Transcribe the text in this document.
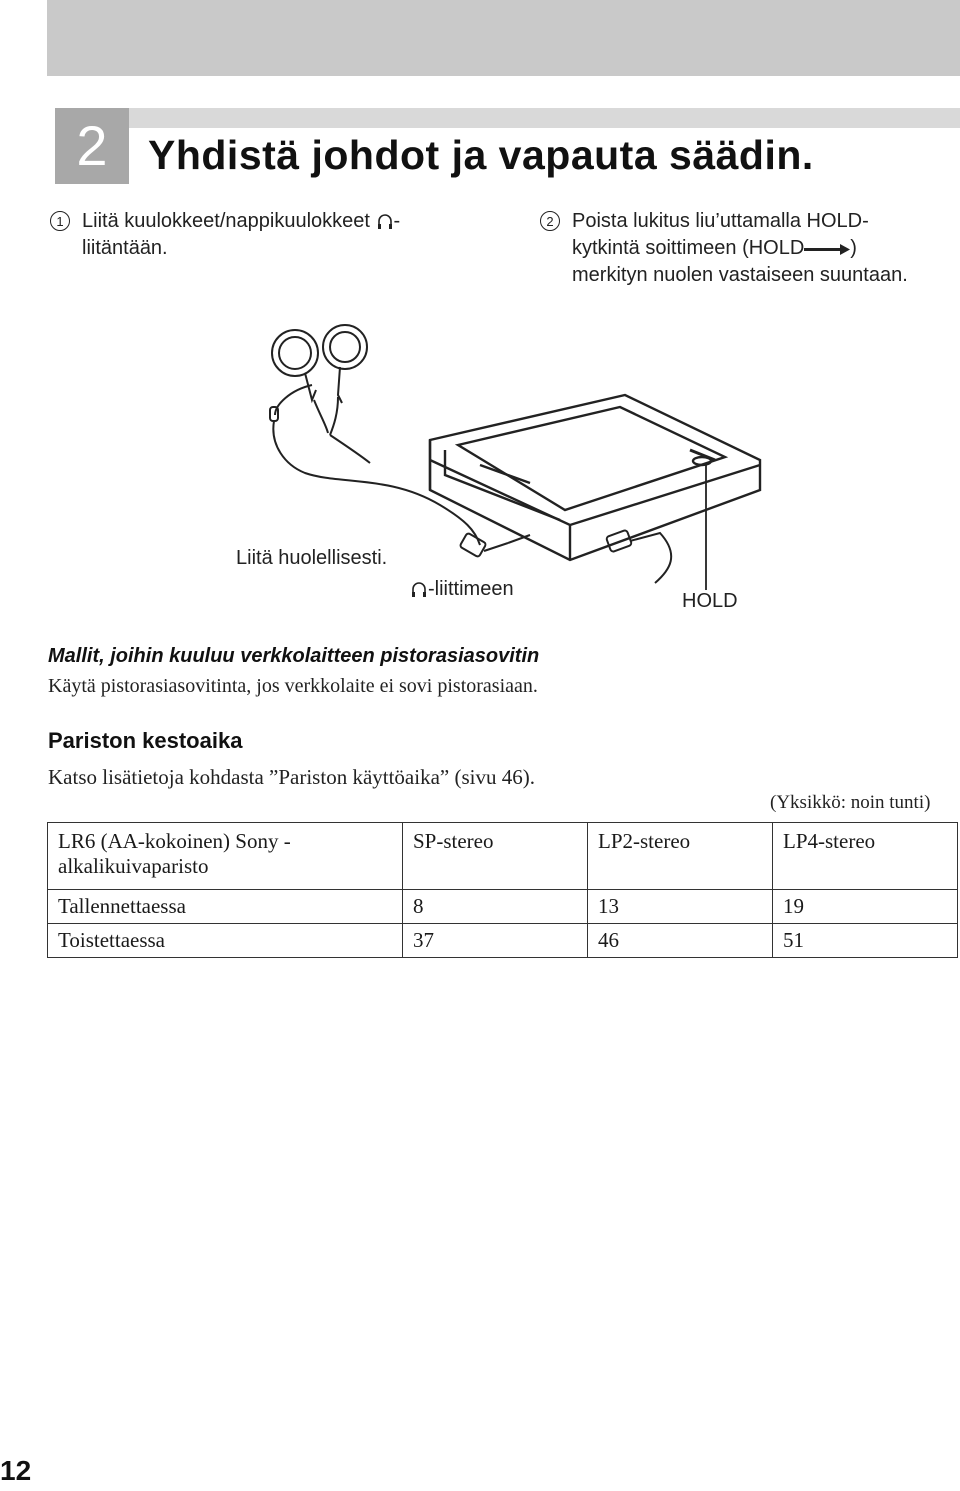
2 Yhdistä johdot ja vapauta säädin.
1 Liitä kuulokkeet/nappikuulokkeet -liitäntään.
2 Poista lukitus liu’uttamalla HOLD-
kytkintä soittimeen (HOLD )
merkityn nuolen vastaiseen suuntaan.
Liitä huolellisesti.
-liittimeen
HOLD
Mallit, joihin kuuluu verkkolaitteen pistorasiasovitin
Käytä pistorasiasovitinta, jos verkkolaite ei sovi pistorasiaan.
Pariston kestoaika
Katso lisätietoja kohdasta ”Pariston käyttöaika” (sivu 46).
(Yksikkö: noin tunti)
LR6 (AA-kokoinen) Sony -alkalikuivaparisto	SP-stereo	LP2-stereo	LP4-stereo
Tallennettaessa	8	13	19
Toistettaessa	37	46	51
12
